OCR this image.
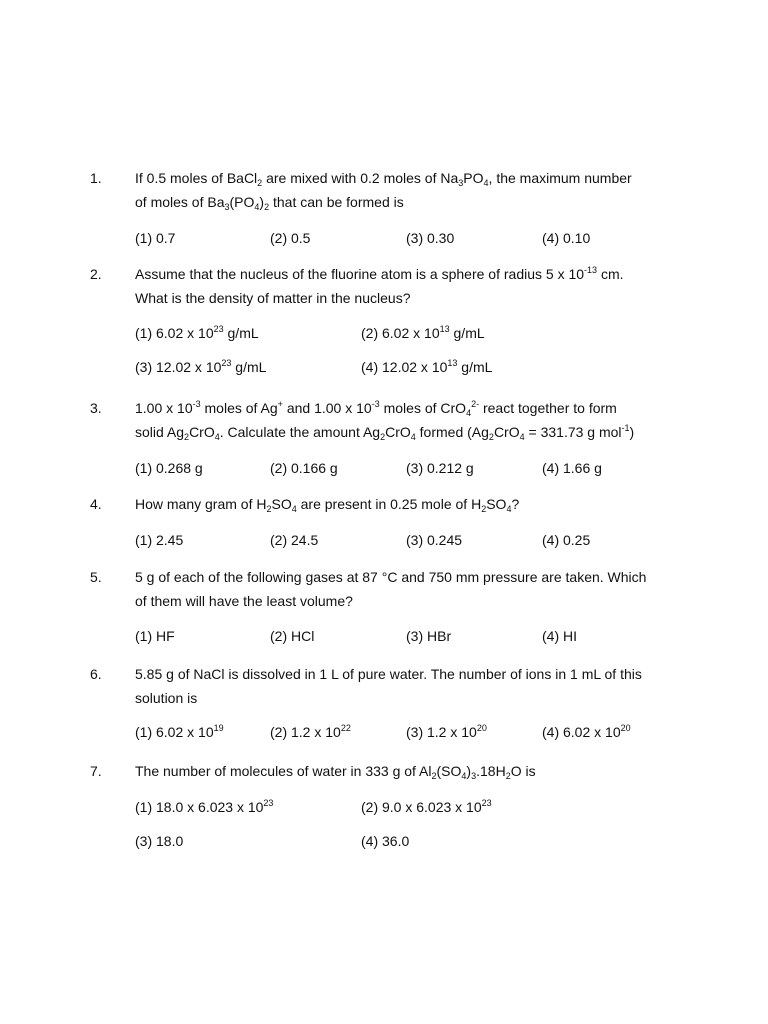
1. If 0.5 moles of BaCl$_2$ are mixed with 0.2 moles of $Na_3PO_4$, the maximum number
of moles of $Ba_3(PO_4)_2$ that can be formed is
(1) 0.7	(2) 0.5	(3) 0.30	(4) 0.10
2. Assume that the nucleus of the fluorine atom is a sphere of radius 5 x $10^{-13}$ cm.
What is the density of matter in the nucleus?
(1) 6.02 x $10^{23}$ g/mL	(2) 6.02 x $10^{13}$ g/mL
(3) 12.02 x $10^{23}$ g/mL	(4) 12.02 x $10^{13}$ g/mL
3. 1.00 x $10^{-3}$ moles of Ag+ and 1.00 x $10^{-3}$ moles of CrO$_4^{2-}$ react together to form
solid $Ag_2CrO_4$. Calculate the amount $Ag_2CrO_4$ formed ($Ag_2CrO_4 = 331.73$ g mol$^{-1}$)
(1) 0.268 g	(2) 0.166 g	(3) 0.212 g	(4) 1.66 g
4. How many gram of $H_2SO_4$ are present in 0.25 mole of $H_2SO_4$?
(1) 2.45	(2) 24.5	(3) 0.245	(4) 0.25
5. 5 g of each of the following gases at 87 °C and 750 mm pressure are taken. Which
of them will have the least volume?
(1) HF	(2) HCl	(3) HBr	(4) HI
6. 5.85 g of NaCl is dissolved in 1 L of pure water. The number of ions in 1 mL of this
solution is
(1) 6.02 x $10^{19}$	(2) 1.2 x $10^{22}$	(3) 1.2 x $10^{20}$	(4) 6.02 x $10^{20}$
7. The number of molecules of water in 333 g of $Al_2(SO_4)_3.18H_2O$ is
(1) 18.0 x 6.023 x $10^{23}$	(2) 9.0 x 6.023 x $10^{23}$
(3) 18.0	(4) 36.0
